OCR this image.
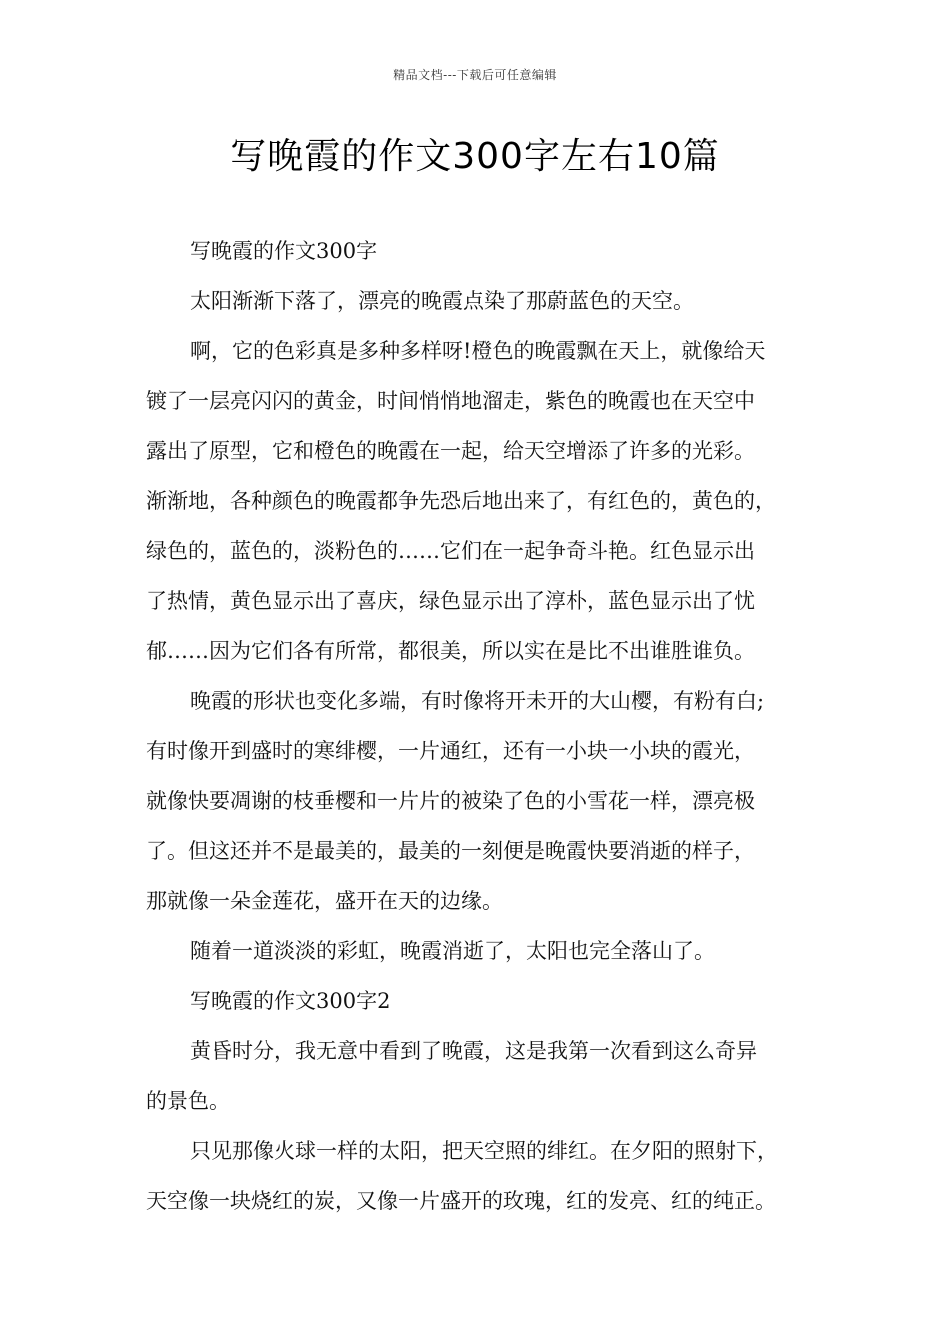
精品文档---下载后可任意编辑
写晚霞的作文300字左右10篇

写晚霞的作文300字

太阳渐渐下落了，漂亮的晚霞点染了那蔚蓝色的天空。

啊，它的色彩真是多种多样呀!橙色的晚霞飘在天上，就像给天
镀了一层亮闪闪的黄金，时间悄悄地溜走，紫色的晚霞也在天空中
露出了原型，它和橙色的晚霞在一起，给天空增添了许多的光彩。
渐渐地，各种颜色的晚霞都争先恐后地出来了，有红色的，黄色的，
绿色的，蓝色的，淡粉色的……它们在一起争奇斗艳。红色显示出
了热情，黄色显示出了喜庆，绿色显示出了淳朴，蓝色显示出了忧
郁……因为它们各有所常，都很美，所以实在是比不出谁胜谁负。

晚霞的形状也变化多端，有时像将开未开的大山樱，有粉有白;
有时像开到盛时的寒绯樱，一片通红，还有一小块一小块的霞光，
就像快要凋谢的枝垂樱和一片片的被染了色的小雪花一样，漂亮极
了。但这还并不是最美的，最美的一刻便是晚霞快要消逝的样子，
那就像一朵金莲花，盛开在天的边缘。

随着一道淡淡的彩虹，晚霞消逝了，太阳也完全落山了。

写晚霞的作文300字2

黄昏时分，我无意中看到了晚霞，这是我第一次看到这么奇异
的景色。

只见那像火球一样的太阳，把天空照的绯红。在夕阳的照射下，
天空像一块烧红的炭，又像一片盛开的玫瑰，红的发亮、红的纯正。
